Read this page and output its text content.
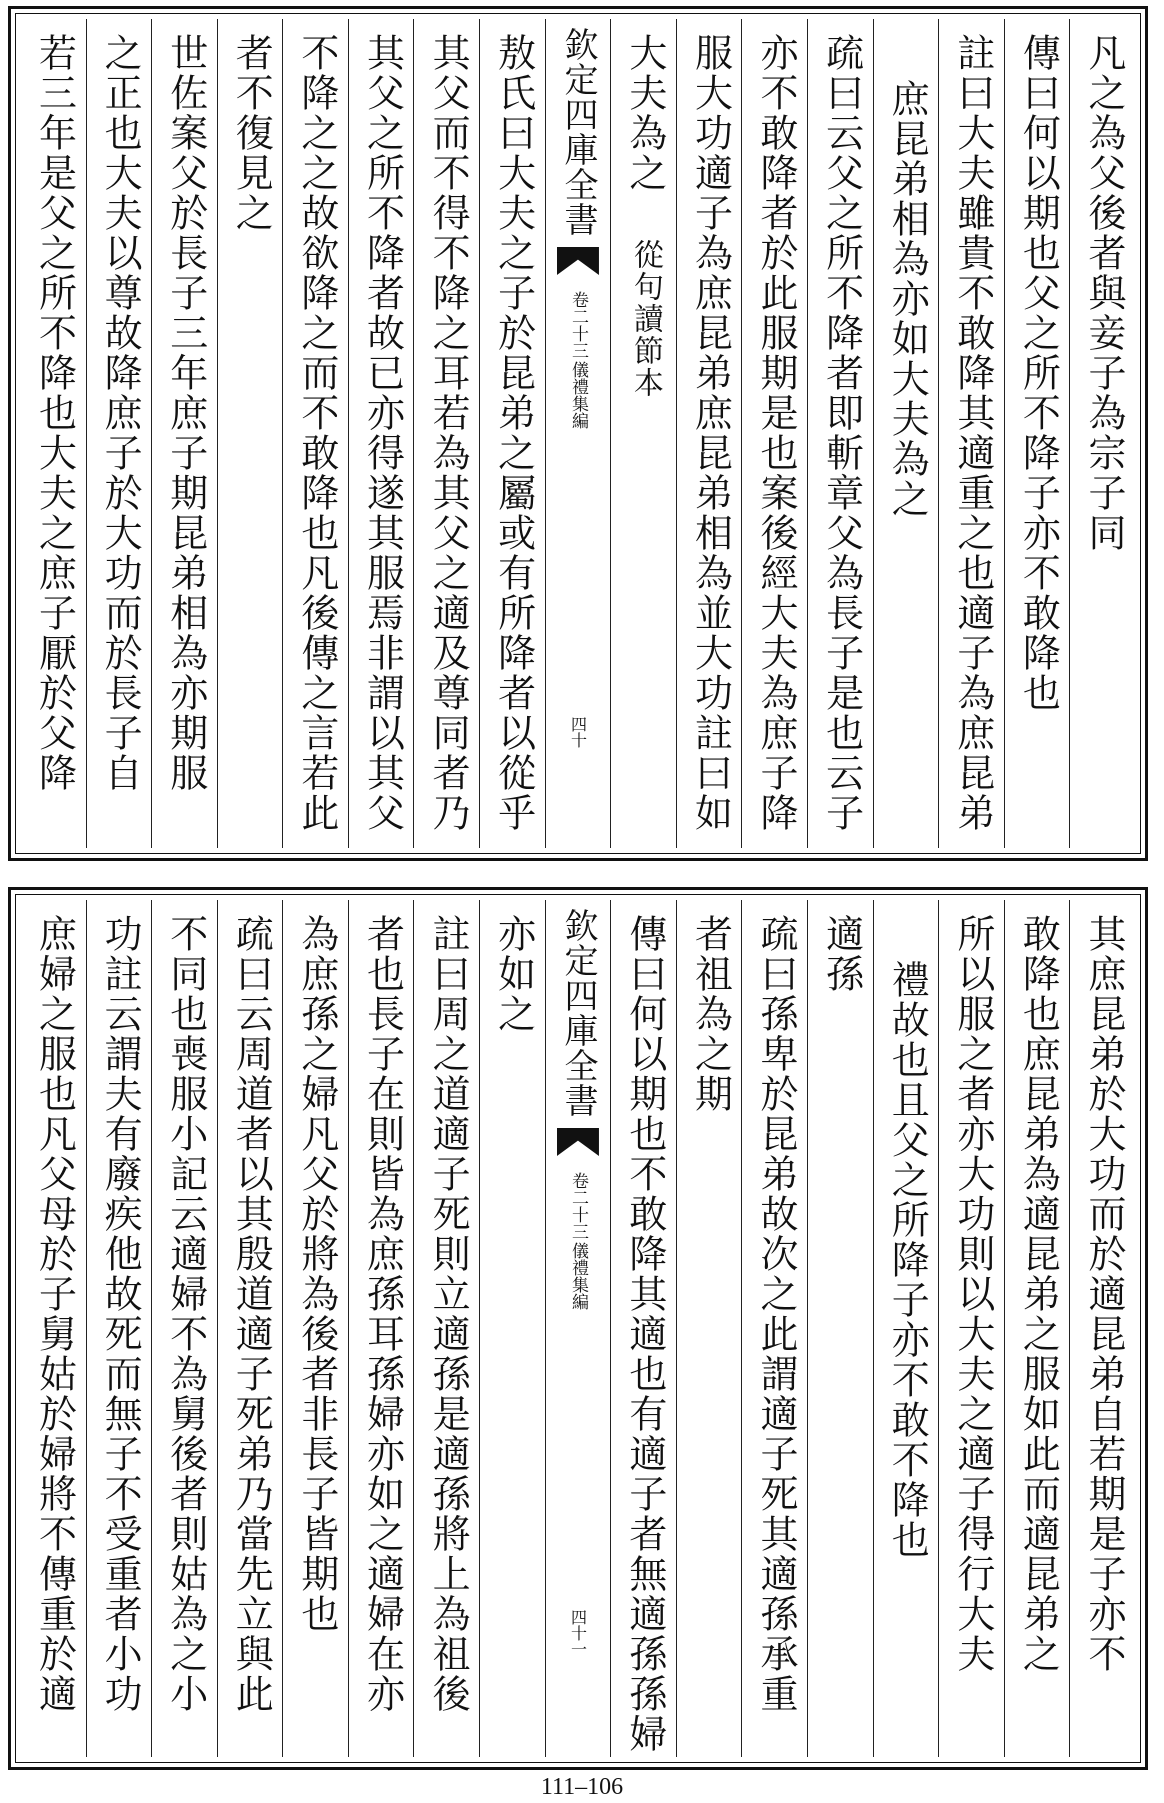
凡之為父後者與妾子為宗子同
傳曰何以期也父之所不降子亦不敢降也
註曰大夫雖貴不敢降其適重之也適子為庶昆弟
庶昆弟相為亦如大夫為之
疏曰云父之所不降者即斬章父為長子是也云子
亦不敢降者於此服期是也案後經大夫為庶子降
服大功適子為庶昆弟庶昆弟相為並大功註曰如
大夫為之 從句讀節本
欽定四庫全書
儀禮集編
卷二十三
四十
敖氏曰大夫之子於昆弟之屬或有所降者以從乎
其父而不得不降之耳若為其父之適及尊同者乃
其父之所不降者故已亦得遂其服焉非謂以其父
不降之之故欲降之而不敢降也凡後傳之言若此
者不復見之
世佐案父於長子三年庶子期昆弟相為亦期服
之正也大夫以尊故降庶子於大功而於長子自
若三年是父之所不降也大夫之庶子厭於父降
其庶昆弟於大功而於適昆弟自若期是子亦不
敢降也庶昆弟為適昆弟之服如此而適昆弟之
所以服之者亦大功則以大夫之適子得行大夫
禮故也且父之所降子亦不敢不降也
適孫
疏曰孫卑於昆弟故次之此謂適子死其適孫承重
者祖為之期
傳曰何以期也不敢降其適也有適子者無適孫孫婦
欽定四庫全書
儀禮集編
卷二十三
四十一
亦如之
註曰周之道適子死則立適孫是適孫將上為祖後
者也長子在則皆為庶孫耳孫婦亦如之適婦在亦
為庶孫之婦凡父於將為後者非長子皆期也
疏曰云周道者以其殷道適子死弟乃當先立與此
不同也喪服小記云適婦不為舅後者則姑為之小
功註云謂夫有廢疾他故死而無子不受重者小功
庶婦之服也凡父母於子舅姑於婦將不傳重於適
111–106
